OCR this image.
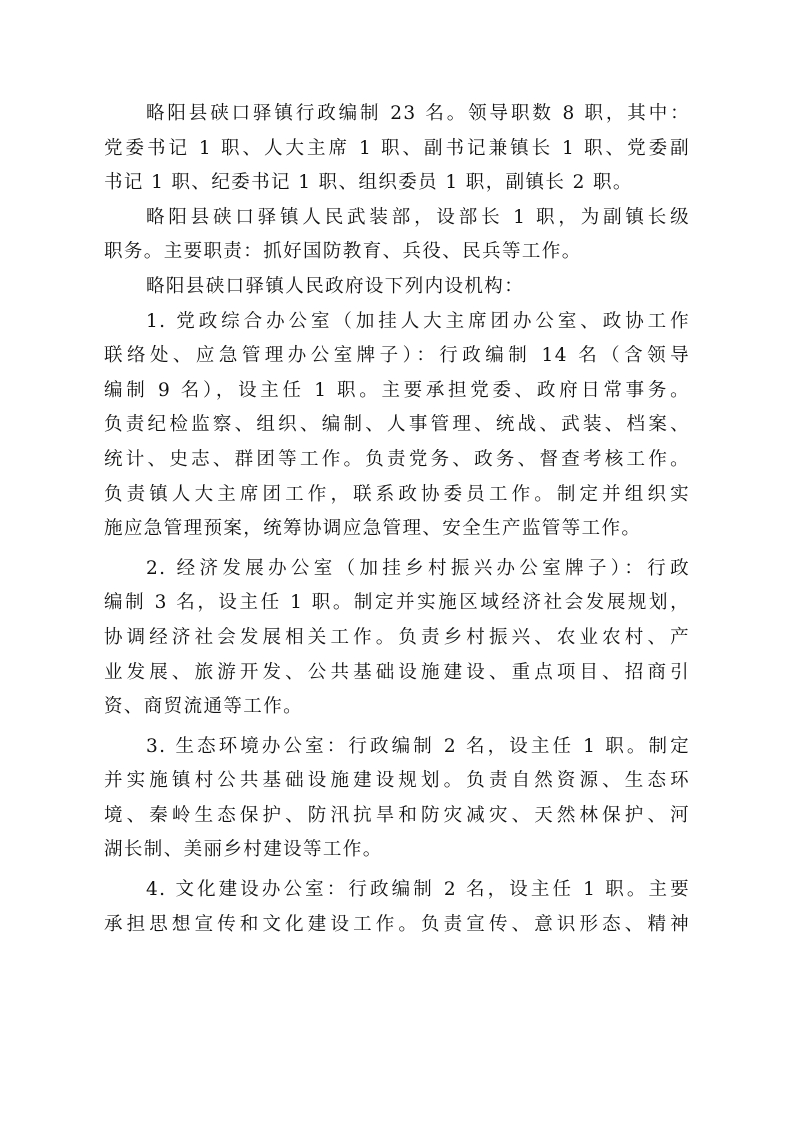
略阳县硖口驿镇行政编制 23 名。领导职数 8 职，其中：
党委书记 1 职、人大主席 1 职、副书记兼镇长 1 职、党委副
书记 1 职、纪委书记 1 职、组织委员 1 职，副镇长 2 职。
略阳县硖口驿镇人民武装部，设部长 1 职，为副镇长级
职务。主要职责：抓好国防教育、兵役、民兵等工作。
略阳县硖口驿镇人民政府设下列内设机构：
1. 党政综合办公室（加挂人大主席团办公室、政协工作
联络处、应急管理办公室牌子）：行政编制 14 名（含领导
编制 9 名），设主任 1 职。主要承担党委、政府日常事务。
负责纪检监察、组织、编制、人事管理、统战、武装、档案、
统计、史志、群团等工作。负责党务、政务、督查考核工作。
负责镇人大主席团工作，联系政协委员工作。制定并组织实
施应急管理预案，统筹协调应急管理、安全生产监管等工作。
2. 经济发展办公室（加挂乡村振兴办公室牌子）：行政
编制 3 名，设主任 1 职。制定并实施区域经济社会发展规划，
协调经济社会发展相关工作。负责乡村振兴、农业农村、产
业发展、旅游开发、公共基础设施建设、重点项目、招商引
资、商贸流通等工作。
3. 生态环境办公室：行政编制 2 名，设主任 1 职。制定
并实施镇村公共基础设施建设规划。负责自然资源、生态环
境、秦岭生态保护、防汛抗旱和防灾减灾、天然林保护、河
湖长制、美丽乡村建设等工作。
4. 文化建设办公室：行政编制 2 名，设主任 1 职。主要
承担思想宣传和文化建设工作。负责宣传、意识形态、精神
